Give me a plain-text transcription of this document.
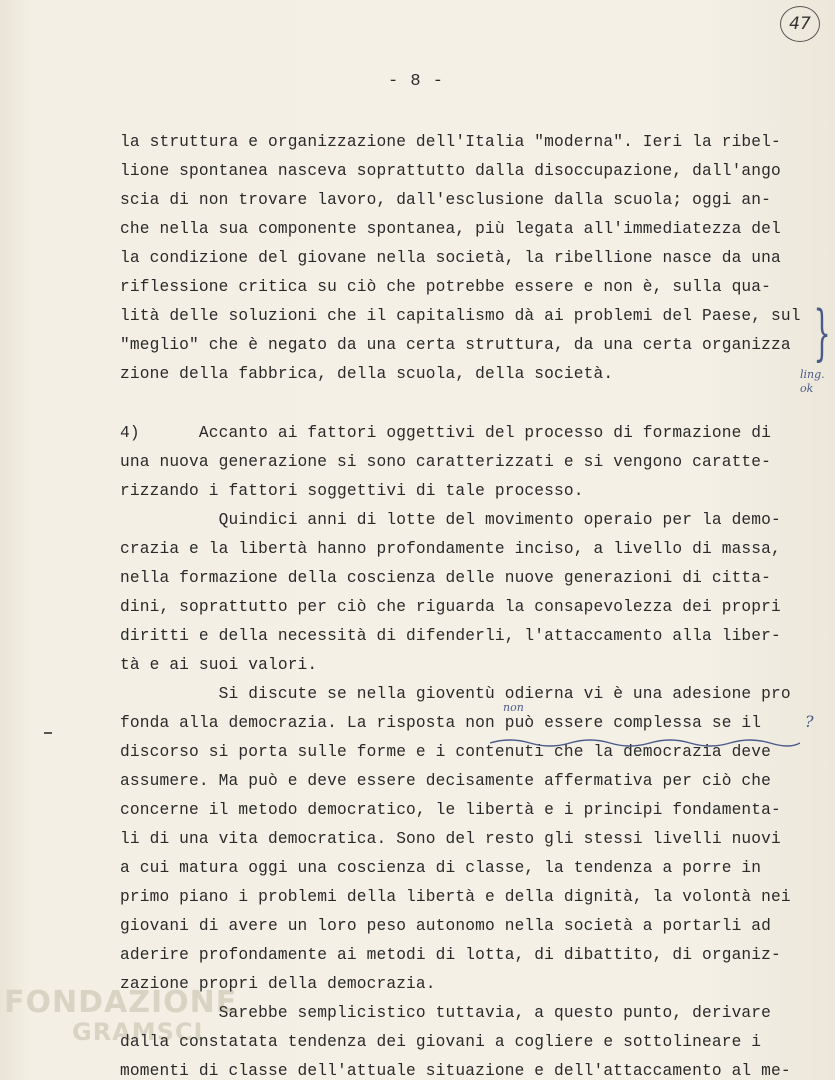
FONDAZIONE
GRAMSCI
47
- 8 -
la struttura e organizzazione dell'Italia "moderna". Ieri la ribel-
lione spontanea nasceva soprattutto dalla disoccupazione, dall'ango
scia di non trovare lavoro, dall'esclusione dalla scuola; oggi an-
che nella sua componente spontanea, più legata all'immediatezza del
la condizione del giovane nella società, la ribellione nasce da una
riflessione critica su ciò che potrebbe essere e non è, sulla qua-
lità delle soluzioni che il capitalismo dà ai problemi del Paese, sul
"meglio" che è negato da una certa struttura, da una certa organizza
zione della fabbrica, della scuola, della società.
4)      Accanto ai fattori oggettivi del processo di formazione di
una nuova generazione si sono caratterizzati e si vengono caratte-
rizzando i fattori soggettivi di tale processo.
Quindici anni di lotte del movimento operaio per la demo-
crazia e la libertà hanno profondamente inciso, a livello di massa,
nella formazione della coscienza delle nuove generazioni di citta-
dini, soprattutto per ciò che riguarda la consapevolezza dei propri
diritti e della necessità di difenderli, l'attaccamento alla liber-
tà e ai suoi valori.
Si discute se nella gioventù odierna vi è una adesione pro
fonda alla democrazia. La risposta non può essere complessa se il
discorso si porta sulle forme e i contenuti che la democrazia deve
assumere. Ma può e deve essere decisamente affermativa per ciò che
concerne il metodo democratico, le libertà e i principi fondamenta-
li di una vita democratica. Sono del resto gli stessi livelli nuovi
a cui matura oggi una coscienza di classe, la tendenza a porre in
primo piano i problemi della libertà e della dignità, la volontà nei
giovani di avere un loro peso autonomo nella società a portarli ad
aderire profondamente ai metodi di lotta, di dibattito, di organiz-
zazione propri della democrazia.
Sarebbe semplicistico tuttavia, a questo punto, derivare
dalla constatata tendenza dei giovani a cogliere e sottolineare i
momenti di classe dell'attuale situazione e dell'attaccamento al me-
non
}
ling. ok
?
